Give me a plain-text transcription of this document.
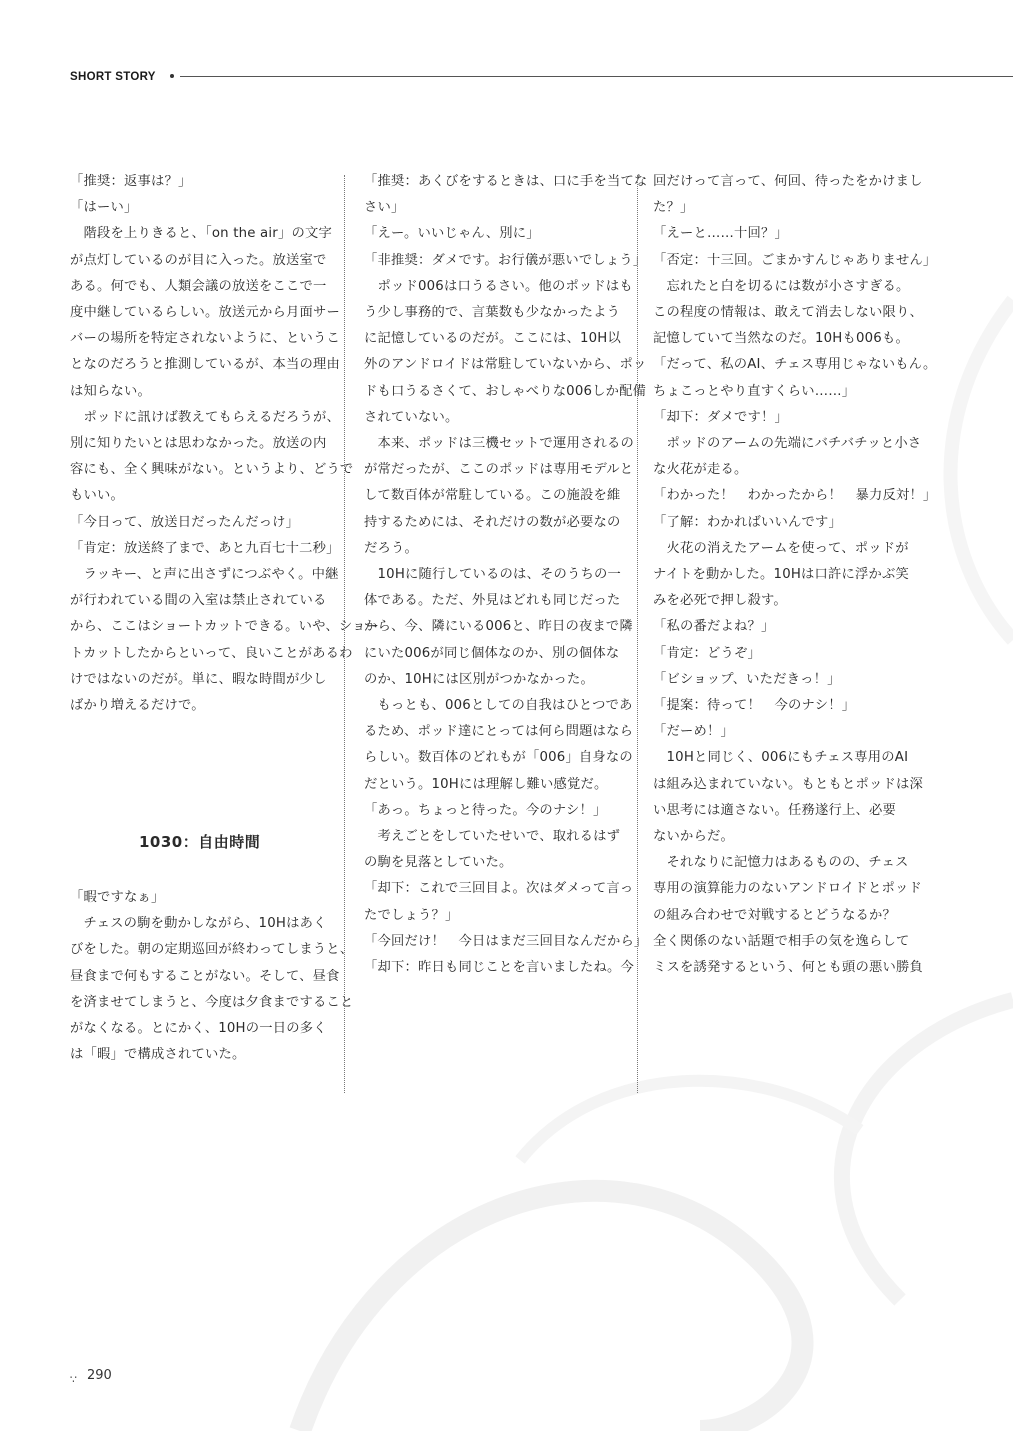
SHORT STORY

「推奨：返事は？」

「はーい」

　階段を上りきると、「on the air」の文字

が点灯しているのが目に入った。放送室で

ある。何でも、人類会議の放送をここで一

度中継しているらしい。放送元から月面サー

バーの場所を特定されないように、というこ

となのだろうと推測しているが、本当の理由

は知らない。

　ポッドに訊けば教えてもらえるだろうが、

別に知りたいとは思わなかった。放送の内

容にも、全く興味がない。というより、どうで

もいい。

「今日って、放送日だったんだっけ」

「肯定：放送終了まで、あと九百七十二秒」

　ラッキー、と声に出さずにつぶやく。中継

が行われている間の入室は禁止されている

から、ここはショートカットできる。いや、ショー

トカットしたからといって、良いことがあるわ

けではないのだが。単に、暇な時間が少し

ばかり増えるだけで。

1030：自由時間

「暇ですなぁ」

　チェスの駒を動かしながら、10Hはあく

びをした。朝の定期巡回が終わってしまうと、

昼食まで何もすることがない。そして、昼食

を済ませてしまうと、今度は夕食まですること

がなくなる。とにかく、10Hの一日の多く

は「暇」で構成されていた。

「推奨：あくびをするときは、口に手を当てな

さい」

「えー。いいじゃん、別に」

「非推奨：ダメです。お行儀が悪いでしょう」

　ポッド006は口うるさい。他のポッドはも

う少し事務的で、言葉数も少なかったよう

に記憶しているのだが。ここには、10H以

外のアンドロイドは常駐していないから、ポッ

ドも口うるさくて、おしゃべりな006しか配備

されていない。

　本来、ポッドは三機セットで運用されるの

が常だったが、ここのポッドは専用モデルと

して数百体が常駐している。この施設を維

持するためには、それだけの数が必要なの

だろう。

　10Hに随行しているのは、そのうちの一

体である。ただ、外見はどれも同じだった

から、今、隣にいる006と、昨日の夜まで隣

にいた006が同じ個体なのか、別の個体な

のか、10Hには区別がつかなかった。

　もっとも、006としての自我はひとつであ

るため、ポッド達にとっては何ら問題はなら

らしい。数百体のどれもが「006」自身なの

だという。10Hには理解し難い感覚だ。

「あっ。ちょっと待った。今のナシ！」

　考えごとをしていたせいで、取れるはず

の駒を見落としていた。

「却下：これで三回目よ。次はダメって言っ

たでしょう？」

「今回だけ！　今日はまだ三回目なんだから」

「却下：昨日も同じことを言いましたね。今

回だけって言って、何回、待ったをかけまし

た？」

「えーと……十回？」

「否定：十三回。ごまかすんじゃありません」

　忘れたと白を切るには数が小さすぎる。

この程度の情報は、敢えて消去しない限り、

記憶していて当然なのだ。10Hも006も。

「だって、私のAI、チェス専用じゃないもん。

ちょこっとやり直すくらい……」

「却下：ダメです！」

　ポッドのアームの先端にバチバチッと小さ

な火花が走る。

「わかった！　わかったから！　暴力反対！」

「了解：わかればいいんです」

　火花の消えたアームを使って、ポッドが

ナイトを動かした。10Hは口許に浮かぶ笑

みを必死で押し殺す。

「私の番だよね？」

「肯定：どうぞ」

「ビショップ、いただきっ！」

「提案：待って！　今のナシ！」

「だーめ！」

　10Hと同じく、006にもチェス専用のAI

は組み込まれていない。もともとポッドは深

い思考には適さない。任務遂行上、必要

ないからだ。

　それなりに記憶力はあるものの、チェス

専用の演算能力のないアンドロイドとポッド

の組み合わせで対戦するとどうなるか？

全く関係のない話題で相手の気を逸らして

ミスを誘発するという、何とも頭の悪い勝負

∵ 290
